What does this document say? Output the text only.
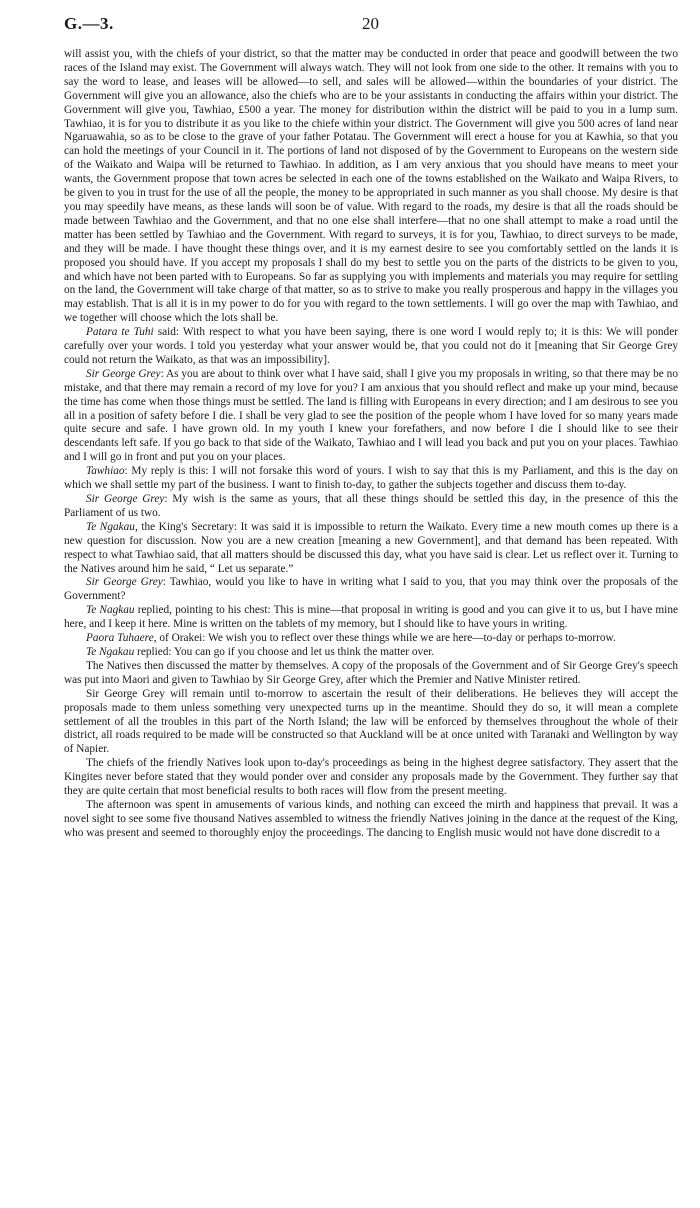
G.—3.	20

will assist you, with the chiefs of your district, so that the matter may be conducted in order that peace and goodwill between the two races of the Island may exist. The Government will always watch. They will not look from one side to the other. It remains with you to say the word to lease, and leases will be allowed—to sell, and sales will be allowed—within the boundaries of your district. The Government will give you an allowance, also the chiefs who are to be your assistants in conducting the affairs within your district. The Government will give you, Tawhiao, £500 a year. The money for distribution within the district will be paid to you in a lump sum. Tawhiao, it is for you to distribute it as you like to the chiefe within your district. The Government will give you 500 acres of land near Ngaruawahia, so as to be close to the grave of your father Potatau. The Government will erect a house for you at Kawhia, so that you can hold the meetings of your Council in it. The portions of land not disposed of by the Government to Europeans on the western side of the Waikato and Waipa will be returned to Tawhiao. In addition, as I am very anxious that you should have means to meet your wants, the Government propose that town acres be selected in each one of the towns established on the Waikato and Waipa Rivers, to be given to you in trust for the use of all the people, the money to be appropriated in such manner as you shall choose. My desire is that you may speedily have means, as these lands will soon be of value. With regard to the roads, my desire is that all the roads should be made between Tawhiao and the Government, and that no one else shall interfere—that no one shall attempt to make a road until the matter has been settled by Tawhiao and the Government. With regard to surveys, it is for you, Tawhiao, to direct surveys to be made, and they will be made. I have thought these things over, and it is my earnest desire to see you comfortably settled on the lands it is proposed you should have. If you accept my proposals I shall do my best to settle you on the parts of the districts to be given to you, and which have not been parted with to Europeans. So far as supplying you with implements and materials you may require for settling on the land, the Government will take charge of that matter, so as to strive to make you really prosperous and happy in the villages you may establish. That is all it is in my power to do for you with regard to the town settlements. I will go over the map with Tawhiao, and we together will choose which the lots shall be.

Patara te Tuhi said: With respect to what you have been saying, there is one word I would reply to; it is this: We will ponder carefully over your words. I told you yesterday what your answer would be, that you could not do it [meaning that Sir George Grey could not return the Waikato, as that was an impossibility].

Sir George Grey: As you are about to think over what I have said, shall I give you my proposals in writing, so that there may be no mistake, and that there may remain a record of my love for you? I am anxious that you should reflect and make up your mind, because the time has come when those things must be settled. The land is filling with Europeans in every direction; and I am desirous to see you all in a position of safety before I die. I shall be very glad to see the position of the people whom I have loved for so many years made quite secure and safe. I have grown old. In my youth I knew your forefathers, and now before I die I should like to see their descendants left safe. If you go back to that side of the Waikato, Tawhiao and I will lead you back and put you on your places. Tawhiao and I will go in front and put you on your places.

Tawhiao: My reply is this: I will not forsake this word of yours. I wish to say that this is my Parliament, and this is the day on which we shall settle my part of the business. I want to finish to-day, to gather the subjects together and discuss them to-day.

Sir George Grey: My wish is the same as yours, that all these things should be settled this day, in the presence of this the Parliament of us two.

Te Ngakau, the King's Secretary: It was said it is impossible to return the Waikato. Every time a new mouth comes up there is a new question for discussion. Now you are a new creation [meaning a new Government], and that demand has been repeated. With respect to what Tawhiao said, that all matters should be discussed this day, what you have said is clear. Let us reflect over it. Turning to the Natives around him he said, “ Let us separate.”

Sir George Grey: Tawhiao, would you like to have in writing what I said to you, that you may think over the proposals of the Government?

Te Nagkau replied, pointing to his chest: This is mine—that proposal in writing is good and you can give it to us, but I have mine here, and I keep it here. Mine is written on the tablets of my memory, but I should like to have yours in writing.

Paora Tuhaere, of Orakei: We wish you to reflect over these things while we are here—to-day or perhaps to-morrow.

Te Ngakau replied: You can go if you choose and let us think the matter over.

The Natives then discussed the matter by themselves. A copy of the proposals of the Government and of Sir George Grey's speech was put into Maori and given to Tawhiao by Sir George Grey, after which the Premier and Native Minister retired.

Sir George Grey will remain until to-morrow to ascertain the result of their deliberations. He believes they will accept the proposals made to them unless something very unexpected turns up in the meantime. Should they do so, it will mean a complete settlement of all the troubles in this part of the North Island; the law will be enforced by themselves throughout the whole of their district, all roads required to be made will be constructed so that Auckland will be at once united with Taranaki and Wellington by way of Napier.

The chiefs of the friendly Natives look upon to-day's proceedings as being in the highest degree satisfactory. They assert that the Kingites never before stated that they would ponder over and consider any proposals made by the Government. They further say that they are quite certain that most beneficial results to both races will flow from the present meeting.

The afternoon was spent in amusements of various kinds, and nothing can exceed the mirth and happiness that prevail. It was a novel sight to see some five thousand Natives assembled to witness the friendly Natives joining in the dance at the request of the King, who was present and seemed to thoroughly enjoy the proceedings. The dancing to English music would not have done discredit to a
